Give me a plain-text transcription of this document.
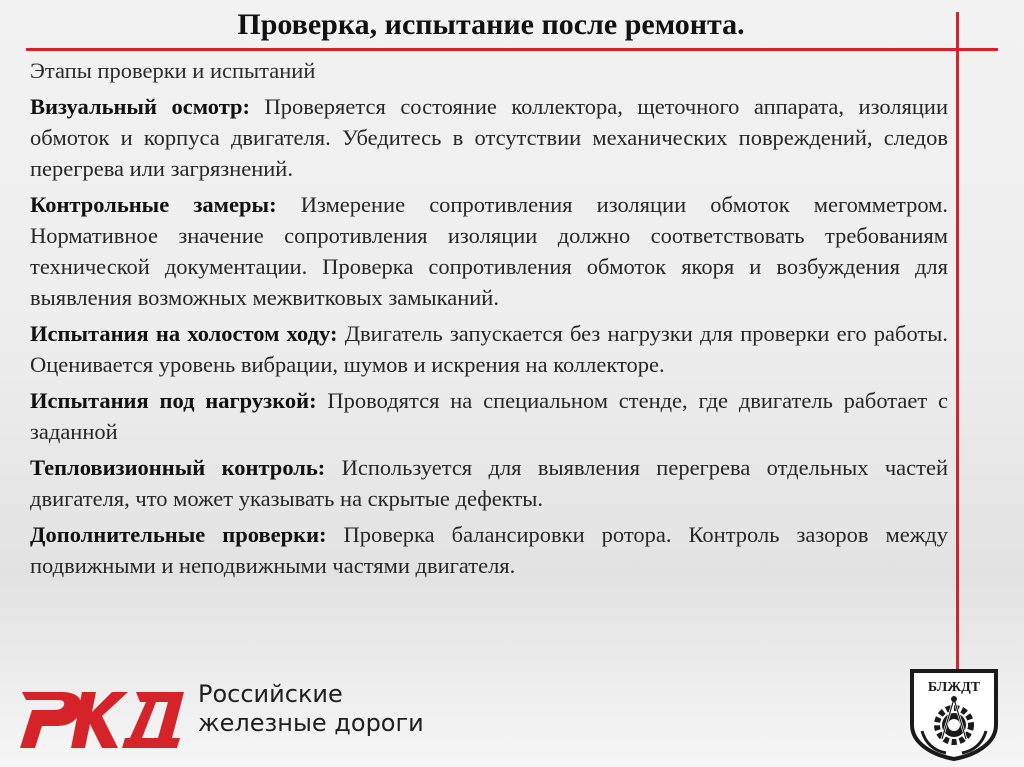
Проверка, испытание после ремонта.
Этапы проверки и испытаний

Визуальный осмотр: Проверяется состояние коллектора, щеточного аппарата, изоляции обмоток и корпуса двигателя. Убедитесь в отсутствии механических повреждений, следов перегрева или загрязнений.

Контрольные замеры: Измерение сопротивления изоляции обмоток мегомметром. Нормативное значение сопротивления изоляции должно соответствовать требованиям технической документации. Проверка сопротивления обмоток якоря и возбуждения для выявления возможных межвитковых замыканий.

Испытания на холостом ходу: Двигатель запускается без нагрузки для проверки его работы. Оценивается уровень вибрации, шумов и искрения на коллекторе.

Испытания под нагрузкой: Проводятся на специальном стенде, где двигатель работает с заданной

Тепловизионный контроль: Используется для выявления перегрева отдельных частей двигателя, что может указывать на скрытые дефекты.

Дополнительные проверки: Проверка балансировки ротора. Контроль зазоров между подвижными и неподвижными частями двигателя.

Российские
железные дороги
БЛЖДТ
